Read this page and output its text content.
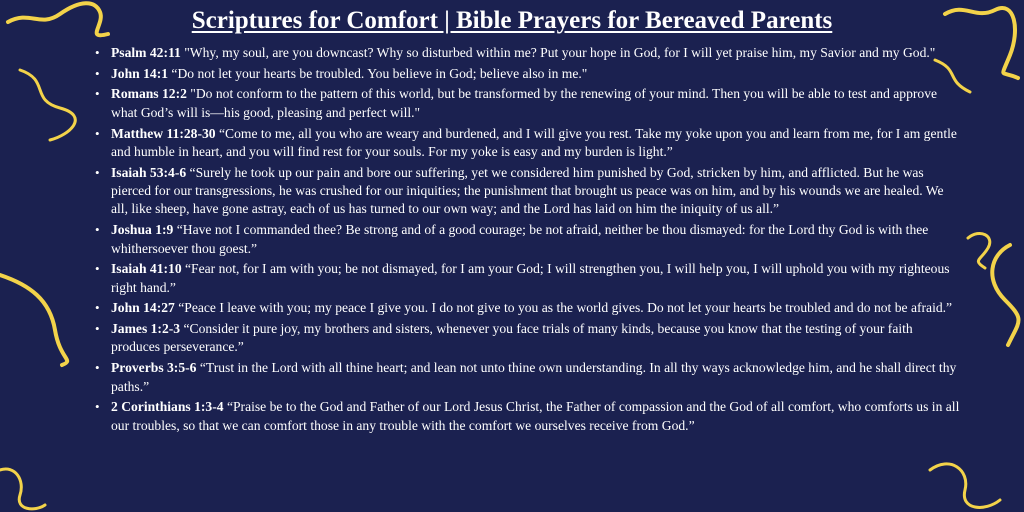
Scriptures for Comfort | Bible Prayers for Bereaved Parents
• Psalm 42:11 "Why, my soul, are you downcast? Why so disturbed within me? Put your hope in God, for I will yet praise him, my Savior and my God."
• John 14:1 “Do not let your hearts be troubled. You believe in God; believe also in me."
• Romans 12:2 "Do not conform to the pattern of this world, but be transformed by the renewing of your mind. Then you will be able to test and approve what God’s will is—his good, pleasing and perfect will."
• Matthew 11:28-30 “Come to me, all you who are weary and burdened, and I will give you rest. Take my yoke upon you and learn from me, for I am gentle and humble in heart, and you will find rest for your souls. For my yoke is easy and my burden is light.”
• Isaiah 53:4-6 “Surely he took up our pain and bore our suffering, yet we considered him punished by God, stricken by him, and afflicted. But he was pierced for our transgressions, he was crushed for our iniquities; the punishment that brought us peace was on him, and by his wounds we are healed. We all, like sheep, have gone astray, each of us has turned to our own way; and the Lord has laid on him the iniquity of us all.”
• Joshua 1:9 “Have not I commanded thee? Be strong and of a good courage; be not afraid, neither be thou dismayed: for the Lord thy God is with thee whithersoever thou goest.”
• Isaiah 41:10 “Fear not, for I am with you; be not dismayed, for I am your God; I will strengthen you, I will help you, I will uphold you with my righteous right hand.”
• John 14:27 “Peace I leave with you; my peace I give you. I do not give to you as the world gives. Do not let your hearts be troubled and do not be afraid.”
• James 1:2-3 “Consider it pure joy, my brothers and sisters, whenever you face trials of many kinds, because you know that the testing of your faith produces perseverance.”
• Proverbs 3:5-6 “Trust in the Lord with all thine heart; and lean not unto thine own understanding. In all thy ways acknowledge him, and he shall direct thy paths.”
• 2 Corinthians 1:3-4 “Praise be to the God and Father of our Lord Jesus Christ, the Father of compassion and the God of all comfort, who comforts us in all our troubles, so that we can comfort those in any trouble with the comfort we ourselves receive from God.”
